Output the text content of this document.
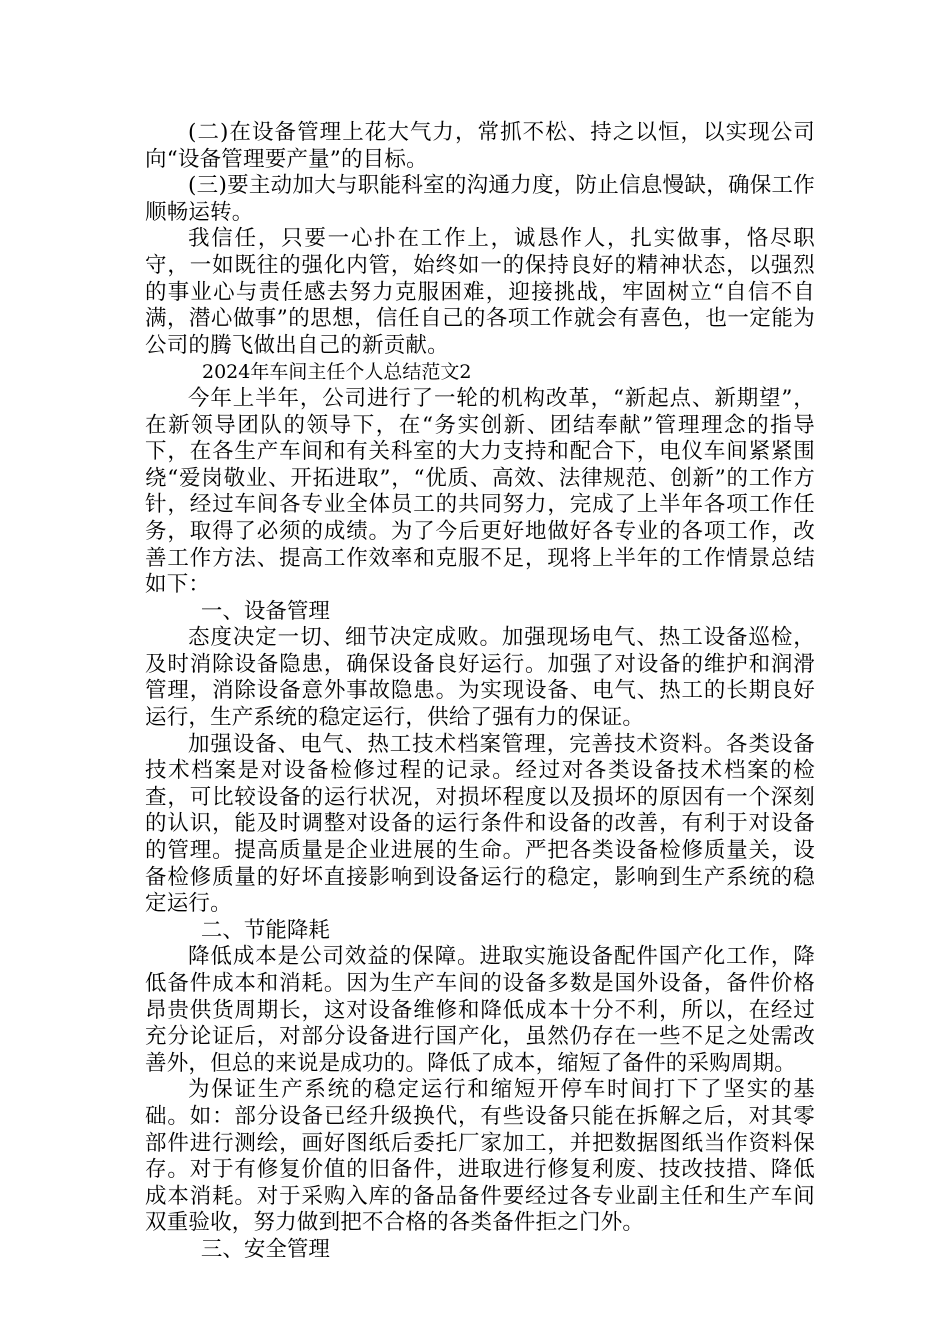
(二)在设备管理上花大气力，常抓不松、持之以恒，以实现公司向“设备管理要产量”的目标。

(三)要主动加大与职能科室的沟通力度，防止信息慢缺，确保工作顺畅运转。

我信任，只要一心扑在工作上，诚恳作人，扎实做事，恪尽职守，一如既往的强化内管，始终如一的保持良好的精神状态，以强烈的事业心与责任感去努力克服困难，迎接挑战，牢固树立“自信不自满，潜心做事”的思想，信任自己的各项工作就会有喜色，也一定能为公司的腾飞做出自己的新贡献。

2024年车间主任个人总结范文2

今年上半年，公司进行了一轮的机构改革，“新起点、新期望”，在新领导团队的领导下，在“务实创新、团结奉献”管理理念的指导下，在各生产车间和有关科室的大力支持和配合下，电仪车间紧紧围绕“爱岗敬业、开拓进取”，“优质、高效、法律规范、创新”的工作方针，经过车间各专业全体员工的共同努力，完成了上半年各项工作任务，取得了必须的成绩。为了今后更好地做好各专业的各项工作，改善工作方法、提高工作效率和克服不足，现将上半年的工作情景总结如下：

一、设备管理

态度决定一切、细节决定成败。加强现场电气、热工设备巡检，及时消除设备隐患，确保设备良好运行。加强了对设备的维护和润滑管理，消除设备意外事故隐患。为实现设备、电气、热工的长期良好运行，生产系统的稳定运行，供给了强有力的保证。

加强设备、电气、热工技术档案管理，完善技术资料。各类设备技术档案是对设备检修过程的记录。经过对各类设备技术档案的检查，可比较设备的运行状况，对损坏程度以及损坏的原因有一个深刻的认识，能及时调整对设备的运行条件和设备的改善，有利于对设备的管理。提高质量是企业进展的生命。严把各类设备检修质量关，设备检修质量的好坏直接影响到设备运行的稳定，影响到生产系统的稳定运行。

二、节能降耗

降低成本是公司效益的保障。进取实施设备配件国产化工作，降低备件成本和消耗。因为生产车间的设备多数是国外设备，备件价格昂贵供货周期长，这对设备维修和降低成本十分不利，所以，在经过充分论证后，对部分设备进行国产化，虽然仍存在一些不足之处需改善外，但总的来说是成功的。降低了成本，缩短了备件的采购周期。

为保证生产系统的稳定运行和缩短开停车时间打下了坚实的基础。如：部分设备已经升级换代，有些设备只能在拆解之后，对其零部件进行测绘，画好图纸后委托厂家加工，并把数据图纸当作资料保存。对于有修复价值的旧备件，进取进行修复利废、技改技措、降低成本消耗。对于采购入库的备品备件要经过各专业副主任和生产车间双重验收，努力做到把不合格的各类备件拒之门外。

三、安全管理
